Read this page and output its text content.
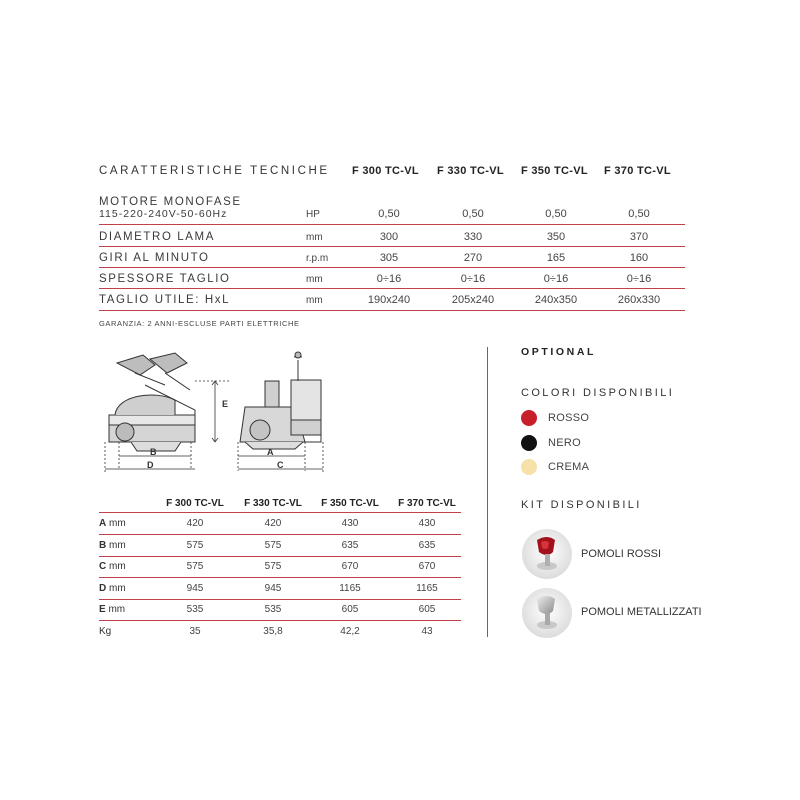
CARATTERISTICHE TECNICHE F 300 TC-VL F 330 TC-VL F 350 TC-VL F 370 TC-VL
MOTORE MONOFASE
115-220-240V-50-60Hz	HP	0,50	0,50	0,50	0,50
DIAMETRO LAMA	mm	300	330	350	370
GIRI AL MINUTO	r.p.m	305	270	165	160
SPESSORE TAGLIO	mm	0÷16	0÷16	0÷16	0÷16
TAGLIO UTILE: HxL	mm	190x240	205x240	240x350	260x330
GARANZIA: 2 ANNI-ESCLUSE PARTI ELETTRICHE
E
B
D
A
C
F 300 TC-VL	F 330 TC-VL	F 350 TC-VL	F 370 TC-VL
A mm	420	420	430	430
B mm	575	575	635	635
C mm	575	575	670	670
D mm	945	945	1165	1165
E mm	535	535	605	605
Kg	35	35,8	42,2	43
OPTIONAL
COLORI DISPONIBILI
ROSSO
NERO
CREMA
KIT DISPONIBILI
POMOLI ROSSI
POMOLI METALLIZZATI
